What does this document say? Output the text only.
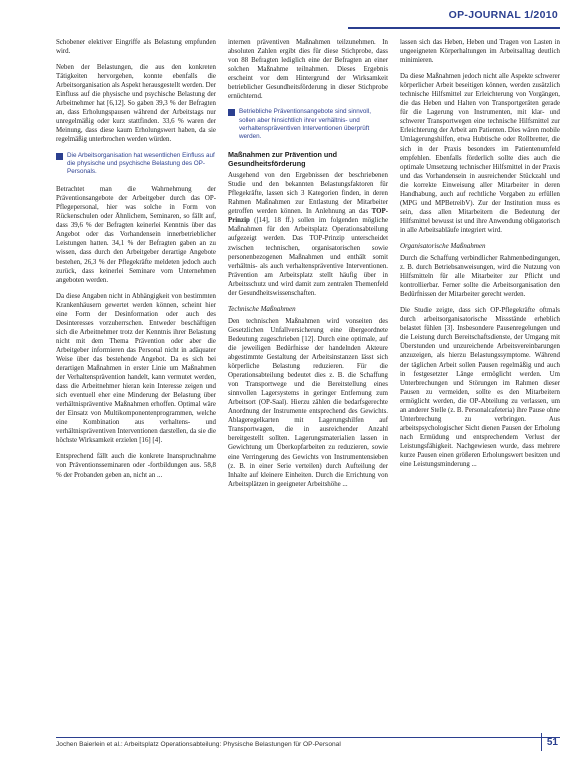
OP-JOURNAL 1/2010

Schobener elektiver Eingriffe als Belastung empfunden wird.

Neben der Belastungen, die aus den konkreten Tätigkeiten hervorgehen, konnte ebenfalls die Arbeitsorganisation als Aspekt herausgestellt werden. Der Einfluss auf die physische und psychische Belastung der Arbeitnehmer hat [6,12]. So gaben 39,3 % der Befragten an, dass Erholungspausen während der Arbeitstags nur unregelmäßig oder kurz stattfinden. 33,6 % waren der Meinung, dass diese kaum Erholungswert haben, da sie regelmäßig unterbrochen werden würden.

Die Arbeitsorganisation hat wesentlichen Einfluss auf die physische und psychische Belastung des OP-Personals.

Betrachtet man die Wahrnehmung der Präventionsangebote der Arbeitgeber durch das OP-Pflegepersonal, hier was solche in Form von Rückenschulen oder Ähnlichem, Seminaren, so fällt auf, dass 39,6 % der Befragten keinerlei Kenntnis über das Angebot oder das Vorhandensein innerbetrieblicher Leistungen hatten. 34,1 % der Befragten gaben an zu wissen, dass durch den Arbeitgeber derartige Angebote bestehen, 26,3 % der Pflegekräfte meldeten jedoch auch zurück, dass keinerlei Seminare vom Unternehmen angeboten werden.

Da diese Angaben nicht in Abhängigkeit von bestimmten Krankenhäusern gewertet werden können, scheint hier eine Form der Desinformation oder auch des Desinteresses vorzuherrschen. Entweder beschäftigen sich die Arbeitnehmer trotz der Kenntnis ihrer Belastung nicht mit dem Thema Prävention oder aber die Arbeitgeber informieren das Personal nicht in adäquater Weise über das bestehende Angebot. Da es sich bei derartigen Maßnahmen in erster Linie um Maßnahmen der Verhaltensprävention handelt, kann vermutet werden, dass die Arbeitnehmer hieran kein Interesse zeigen und sich eventuell eher eine Minderung der Belastung über verhältnispräventive Maßnahmen erhoffen. Optimal wäre der Einsatz von Multikomponentenprogrammen, welche eine Kombination aus verhaltens- und verhältnispräventiven Interventionen darstellen, da sie die höchste Wirksamkeit erzielen [16] [4].

Entsprechend fällt auch die konkrete Inanspruchnahme von Präventionsseminaren oder -fortbildungen aus. 58,8 % der Probanden geben an, nicht an ...

internen präventiven Maßnahmen teilzunehmen. In absoluten Zahlen ergibt dies für diese Stichprobe, dass von 88 Befragten lediglich eine der Befragten an einer solchen Maßnahme teilnahmen. Dieses Ergebnis erscheint vor dem Hintergrund der Wirksamkeit betrieblicher Gesundheitsförderung in dieser Stichprobe ernüchternd.

Betriebliche Präventionsangebote sind sinnvoll, sollen aber hinsichtlich ihrer verhältnis- und verhaltenspräventiven Interventionen überprüft werden.
Maßnahmen zur Prävention und Gesundheitsförderung

Ausgehend von den Ergebnissen der beschriebenen Studie und den bekannten Belastungsfaktoren für Pflegekräfte, lassen sich 3 Kategorien finden, in deren Rahmen Maßnahmen zur Entlastung der Mitarbeiter getroffen werden können. In Anlehnung an das TOP-Prinzip ([14], 18 ff.) sollen im folgenden mögliche Maßnahmen für den Arbeitsplatz Operationsabteilung aufgezeigt werden. Das TOP-Prinzip unterscheidet zwischen technischen, organisatorischen sowie personenbezogenen Maßnahmen und enthält somit verhältnis- als auch verhaltenspräventive Interventionen. Prävention am Arbeitsplatz stellt häufig über in Arbeitsschutz und wird damit zum zentralen Themenfeld der Gesundheitswissenschaften.

Technische Maßnahmen

Den technischen Maßnahmen wird vonseiten des Gesetzlichen Unfallversicherung eine übergeordnete Bedeutung zugeschrieben [12]. Durch eine optimale, auf die jeweiligen Bedürfnisse der handelnden Akteure abgestimmte Gestaltung der Arbeitsinstanzen lässt sich körperliche Belastung reduzieren. Für die Operationsabteilung bedeutet dies z. B. die Schaffung von Transportwege und die Bereitstellung eines sinnvollen Lagersystems in geringer Entfernung zum Arbeitsort (OP-Saal). Hierzu zählen die bedarfsgerechte Anordnung der Instrumente entsprechend des Gewichts. Ablageregelkarten mit Lagerungshilfen auf Transportwagen, die in ausreichender Anzahl bereitgestellt sollten. Lagerungsmaterialien lassen in Gewichtung um Überkopfarbeiten zu reduzieren, sowie eine Verringerung des Gewichts von Instrumentensieben (z. B. in einer Serie verteilen) durch Aufteilung der Inhalte auf kleinere Einheiten. Durch die Errichtung von Arbeitsplätzen in geeigneter Arbeitshöhe ...

lassen sich das Heben, Heben und Tragen von Lasten in ungeeigneten Körperhaltungen im Arbeitsalltag deutlich minimieren.

Da diese Maßnahmen jedoch nicht alle Aspekte schwerer körperlicher Arbeit beseitigen können, werden zusätzlich technische Hilfsmittel zur Erleichterung von Vorgängen, die das Heben und Halten von Transportgeräten gerade für die Lagerung von Instrumenten, mit klar- und schwerer Transportwegen eine technische Hilfsmittel zur Erleichterung der Arbeit am Patienten. Dies wären mobile Umlagerungshilfen, etwa Hubtische oder Rollbretter, die sich in der Praxis besonders im Patientenumfeld empfehlen. Ebenfalls förderlich sollte dies auch die optimale Umsetzung technischer Hilfsmittel in der Praxis und das Vorhandensein in ausreichender Stückzahl und die korrekte Einweisung aller Mitarbeiter in deren Handhabung, auch auf rechtliche Vorgaben zu erfüllen (MPG und MPBetreibV). Zur der Institution muss es sein, dass allen Mitarbeitern die Bedeutung der Hilfsmittel bewusst ist und ihre Anwendung obligatorisch in alle Arbeitsabläufe integriert wird.

Organisatorische Maßnahmen

Durch die Schaffung verbindlicher Rahmenbedingungen, z. B. durch Betriebsanweisungen, wird die Nutzung von Hilfsmitteln für alle Mitarbeiter zur Pflicht und kontrollierbar. Ferner sollte die Arbeitsorganisation den Bedürfnissen der Mitarbeiter gerecht werden.

Die Studie zeigte, dass sich OP-Pflegekräfte oftmals durch arbeitsorganisatorische Missstände erheblich belastet fühlen [3]. Insbesondere Pausenregelungen und die Leistung durch Bereitschaftsdienste, der Umgang mit Überstunden und unzureichende Arbeitsvereinbarungen anzuzeigen, als hierzu Belastungssymptome. Während der täglichen Arbeit sollen Pausen regelmäßig und auch in festgesetzter Länge ermöglicht werden. Um Unterbrechungen und Störungen im Rahmen dieser Pausen zu vermeiden, sollte es den Mitarbeitern ermöglicht werden, die OP-Abteilung zu verlassen, um an anderer Stelle (z. B. Personalcafeteria) ihre Pause ohne Unterbrechung zu verbringen. Aus arbeitspsychologischer Sicht dienen Pausen der Erholung nach Ermüdung und entsprechendem Verlust der Leistungsfähigkeit. Nachgewiesen wurde, dass mehrere kurze Pausen einen größeren Erholungswert besitzen und eine Leistungsminderung ...

Jochen Baierlein et al.: Arbeitsplatz Operationsabteilung: Physische Belastungen für OP-Personal	51
